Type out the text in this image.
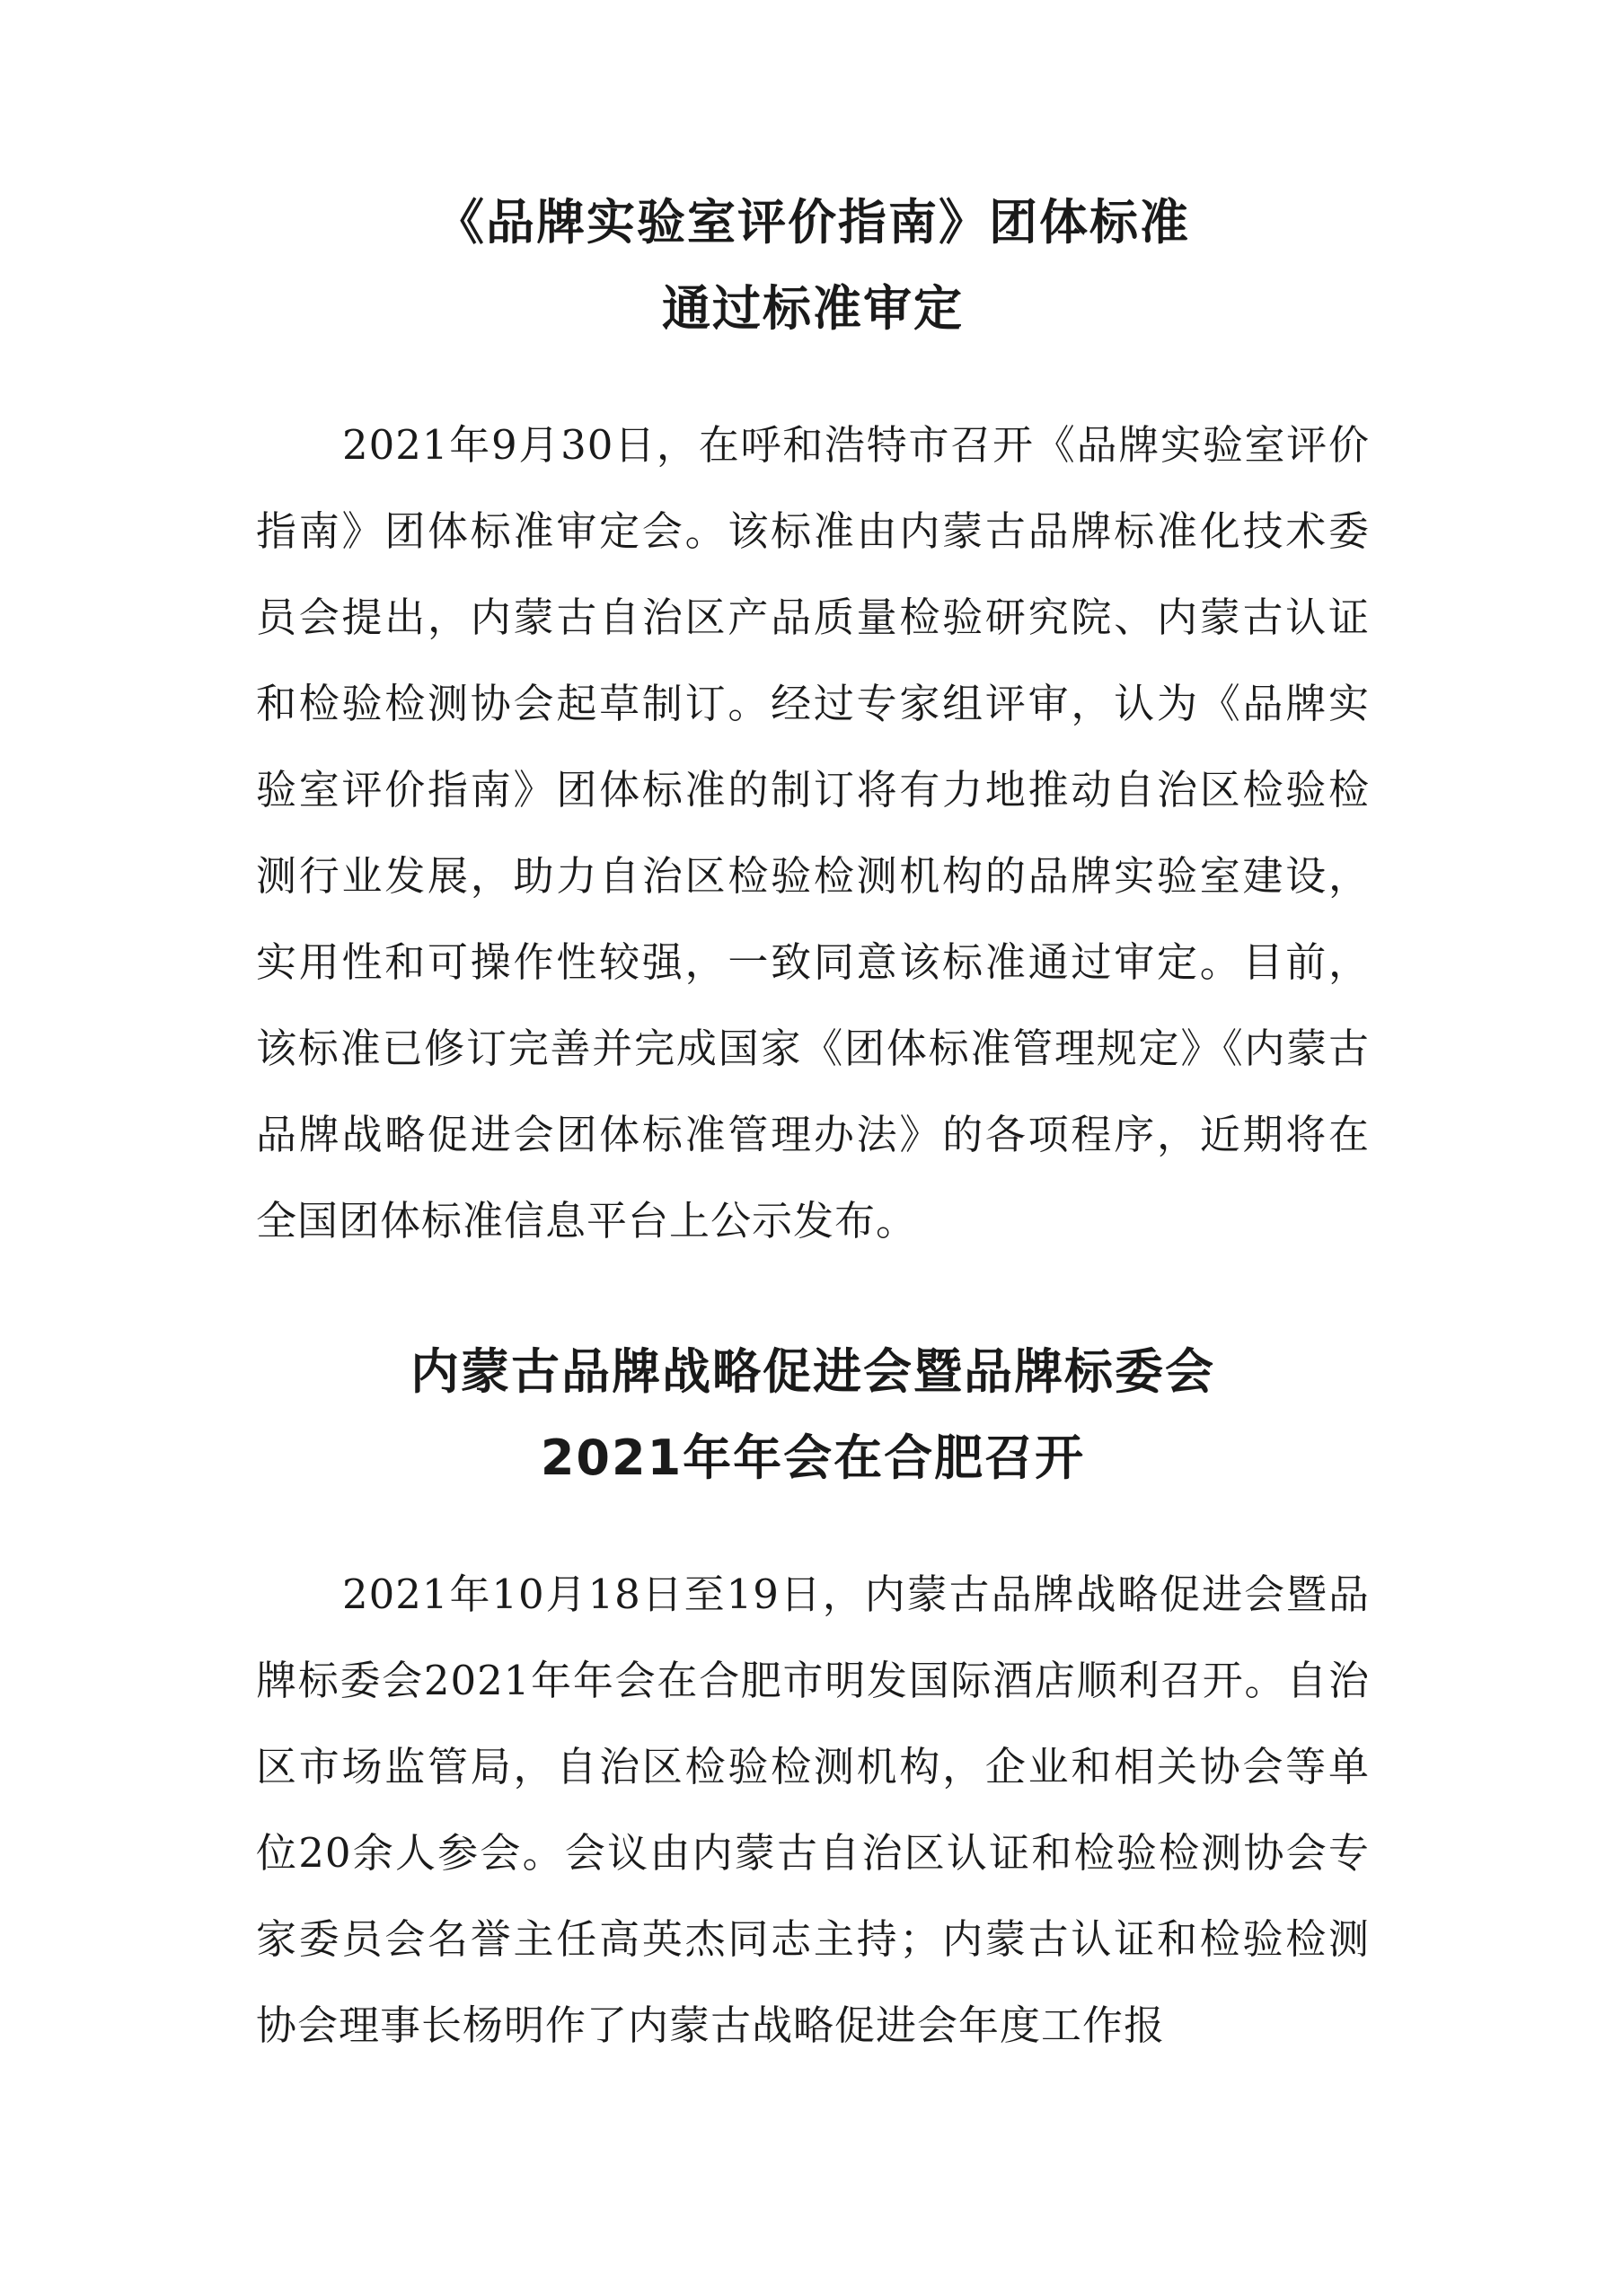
《品牌实验室评价指南》团体标准
通过标准审定

2021年9月30日，在呼和浩特市召开《品牌实验室评价指南》团体标准审定会。该标准由内蒙古品牌标准化技术委员会提出，内蒙古自治区产品质量检验研究院、内蒙古认证和检验检测协会起草制订。经过专家组评审，认为《品牌实验室评价指南》团体标准的制订将有力地推动自治区检验检测行业发展，助力自治区检验检测机构的品牌实验室建设，实用性和可操作性较强，一致同意该标准通过审定。目前，该标准已修订完善并完成国家《团体标准管理规定》《内蒙古品牌战略促进会团体标准管理办法》的各项程序，近期将在全国团体标准信息平台上公示发布。

内蒙古品牌战略促进会暨品牌标委会
2021年年会在合肥召开

2021年10月18日至19日，内蒙古品牌战略促进会暨品牌标委会2021年年会在合肥市明发国际酒店顺利召开。自治区市场监管局，自治区检验检测机构，企业和相关协会等单位20余人参会。会议由内蒙古自治区认证和检验检测协会专家委员会名誉主任高英杰同志主持；内蒙古认证和检验检测协会理事长杨明作了内蒙古战略促进会年度工作报
